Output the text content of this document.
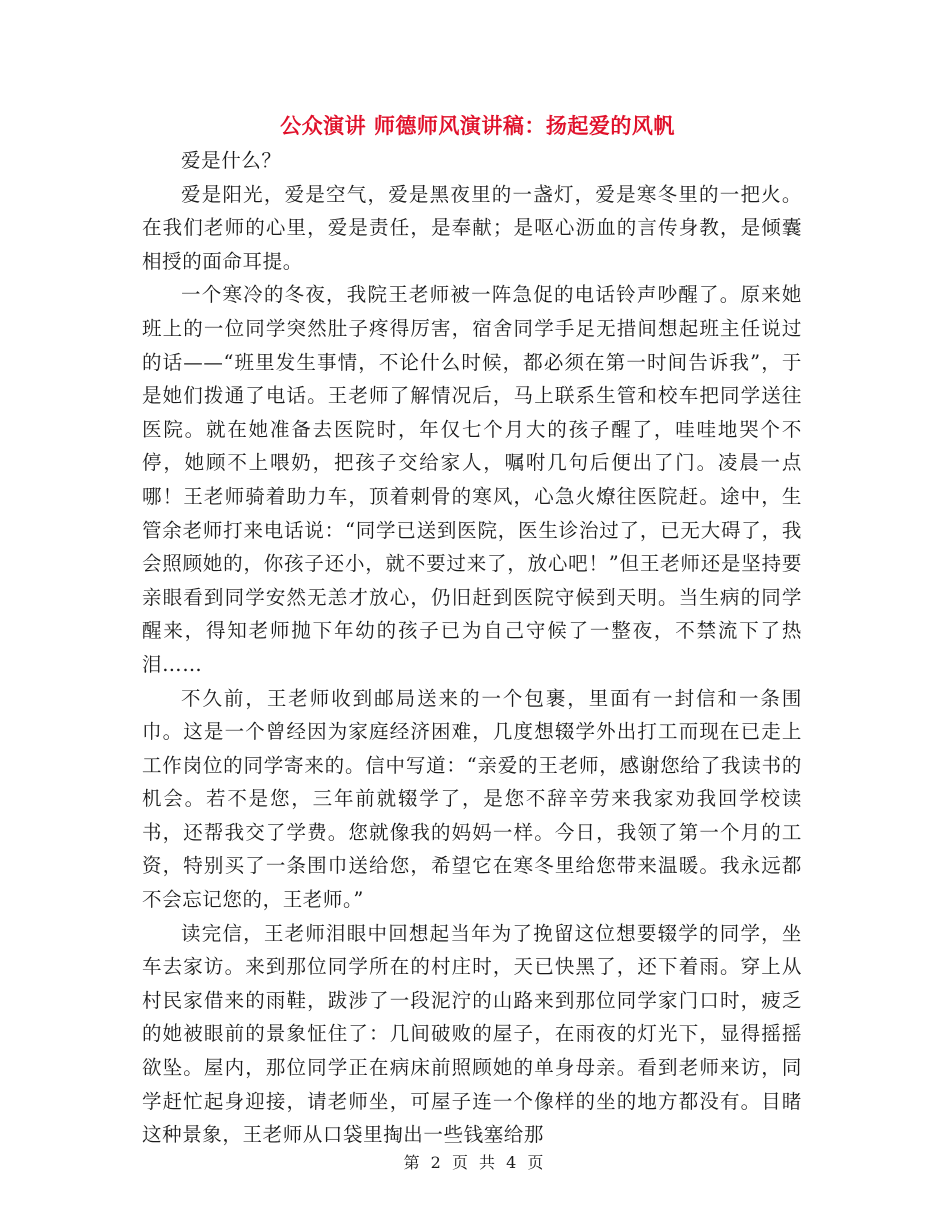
公众演讲 师德师风演讲稿：扬起爱的风帆

爱是什么？

爱是阳光，爱是空气，爱是黑夜里的一盏灯，爱是寒冬里的一把火。在我们老师的心里，爱是责任，是奉献；是呕心沥血的言传身教，是倾囊相授的面命耳提。

一个寒冷的冬夜，我院王老师被一阵急促的电话铃声吵醒了。原来她班上的一位同学突然肚子疼得厉害，宿舍同学手足无措间想起班主任说过的话——“班里发生事情，不论什么时候，都必须在第一时间告诉我”，于是她们拨通了电话。王老师了解情况后，马上联系生管和校车把同学送往医院。就在她准备去医院时，年仅七个月大的孩子醒了，哇哇地哭个不停，她顾不上喂奶，把孩子交给家人，嘱咐几句后便出了门。凌晨一点哪！王老师骑着助力车，顶着刺骨的寒风，心急火燎往医院赶。途中，生管余老师打来电话说：“同学已送到医院，医生诊治过了，已无大碍了，我会照顾她的，你孩子还小，就不要过来了，放心吧！”但王老师还是坚持要亲眼看到同学安然无恙才放心，仍旧赶到医院守候到天明。当生病的同学醒来，得知老师抛下年幼的孩子已为自己守候了一整夜，不禁流下了热泪……

不久前，王老师收到邮局送来的一个包裹，里面有一封信和一条围巾。这是一个曾经因为家庭经济困难，几度想辍学外出打工而现在已走上工作岗位的同学寄来的。信中写道：“亲爱的王老师，感谢您给了我读书的机会。若不是您，三年前就辍学了，是您不辞辛劳来我家劝我回学校读书，还帮我交了学费。您就像我的妈妈一样。今日，我领了第一个月的工资，特别买了一条围巾送给您，希望它在寒冬里给您带来温暖。我永远都不会忘记您的，王老师。”

读完信，王老师泪眼中回想起当年为了挽留这位想要辍学的同学，坐车去家访。来到那位同学所在的村庄时，天已快黑了，还下着雨。穿上从村民家借来的雨鞋，跋涉了一段泥泞的山路来到那位同学家门口时，疲乏的她被眼前的景象怔住了：几间破败的屋子，在雨夜的灯光下，显得摇摇欲坠。屋内，那位同学正在病床前照顾她的单身母亲。看到老师来访，同学赶忙起身迎接，请老师坐，可屋子连一个像样的坐的地方都没有。目睹这种景象，王老师从口袋里掏出一些钱塞给那

第 2 页 共 4 页
